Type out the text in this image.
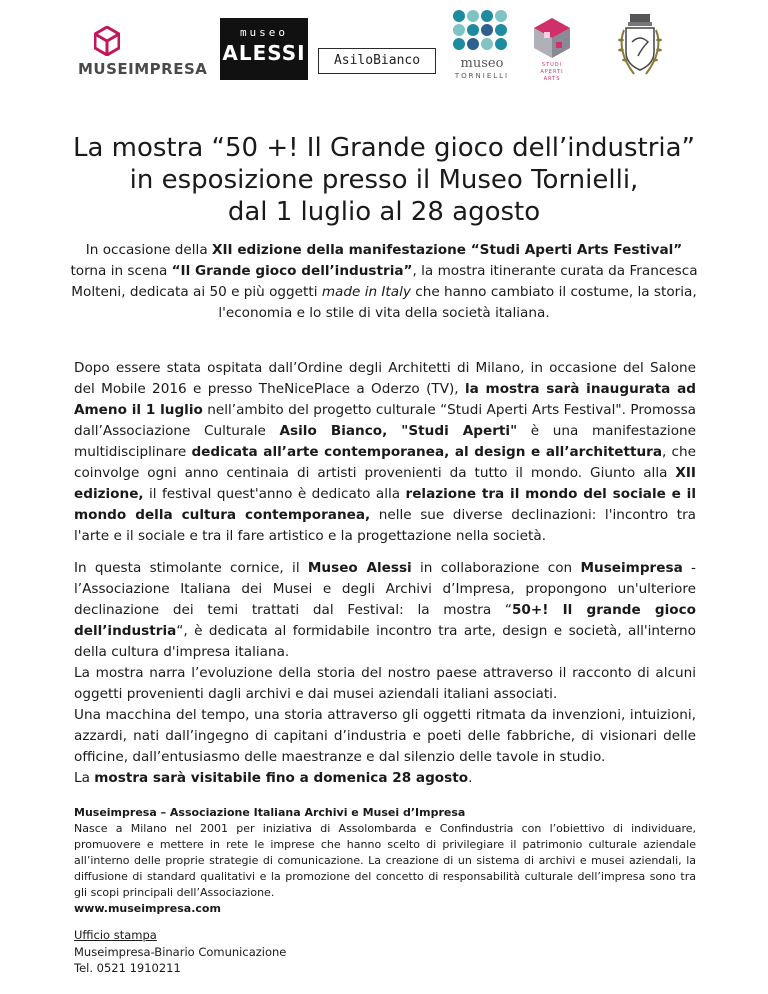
MUSEIMPRESA
museo
ALESSI	AsiloBianco	museo
TORNIELLI
STUDI
APERTI
ARTS
La mostra “50 +! Il Grande gioco dell’industria”
in esposizione presso il Museo Tornielli,
dal 1 luglio al 28 agosto
In occasione della XII edizione della manifestazione “Studi Aperti Arts Festival” torna in scena “Il Grande gioco dell’industria”, la mostra itinerante curata da Francesca Molteni, dedicata ai 50 e più oggetti made in Italy che hanno cambiato il costume, la storia, l'economia e lo stile di vita della società italiana.
Dopo essere stata ospitata dall’Ordine degli Architetti di Milano, in occasione del Salone del Mobile 2016 e presso TheNicePlace a Oderzo (TV), la mostra sarà inaugurata ad Ameno il 1 luglio nell’ambito del progetto culturale “Studi Aperti Arts Festival". Promossa dall’Associazione Culturale Asilo Bianco, "Studi Aperti" è una manifestazione multidisciplinare dedicata all’arte contemporanea, al design e all’architettura, che coinvolge ogni anno centinaia di artisti provenienti da tutto il mondo. Giunto alla XII edizione, il festival quest'anno è dedicato alla relazione tra il mondo del sociale e il mondo della cultura contemporanea, nelle sue diverse declinazioni: l'incontro tra l'arte e il sociale e tra il fare artistico e la progettazione nella società.
In questa stimolante cornice, il Museo Alessi in collaborazione con Museimpresa - l’Associazione Italiana dei Musei e degli Archivi d’Impresa, propongono un'ulteriore declinazione dei temi trattati dal Festival: la mostra “50+! Il grande gioco dell’industria“, è dedicata al formidabile incontro tra arte, design e società, all'interno della cultura d'impresa italiana.
La mostra narra l’evoluzione della storia del nostro paese attraverso il racconto di alcuni oggetti provenienti dagli archivi e dai musei aziendali italiani associati.
Una macchina del tempo, una storia attraverso gli oggetti ritmata da invenzioni, intuizioni, azzardi, nati dall’ingegno di capitani d’industria e poeti delle fabbriche, di visionari delle officine, dall’entusiasmo delle maestranze e dal silenzio delle tavole in studio.
La mostra sarà visitabile fino a domenica 28 agosto.
Museimpresa – Associazione Italiana Archivi e Musei d’Impresa
Nasce a Milano nel 2001 per iniziativa di Assolombarda e Confindustria con l’obiettivo di individuare, promuovere e mettere in rete le imprese che hanno scelto di privilegiare il patrimonio culturale aziendale all’interno delle proprie strategie di comunicazione. La creazione di un sistema di archivi e musei aziendali, la diffusione di standard qualitativi e la promozione del concetto di responsabilità culturale dell’impresa sono tra gli scopi principali dell’Associazione.
www.museimpresa.com
Ufficio stampa
Museimpresa-Binario Comunicazione
Tel. 0521 1910211
